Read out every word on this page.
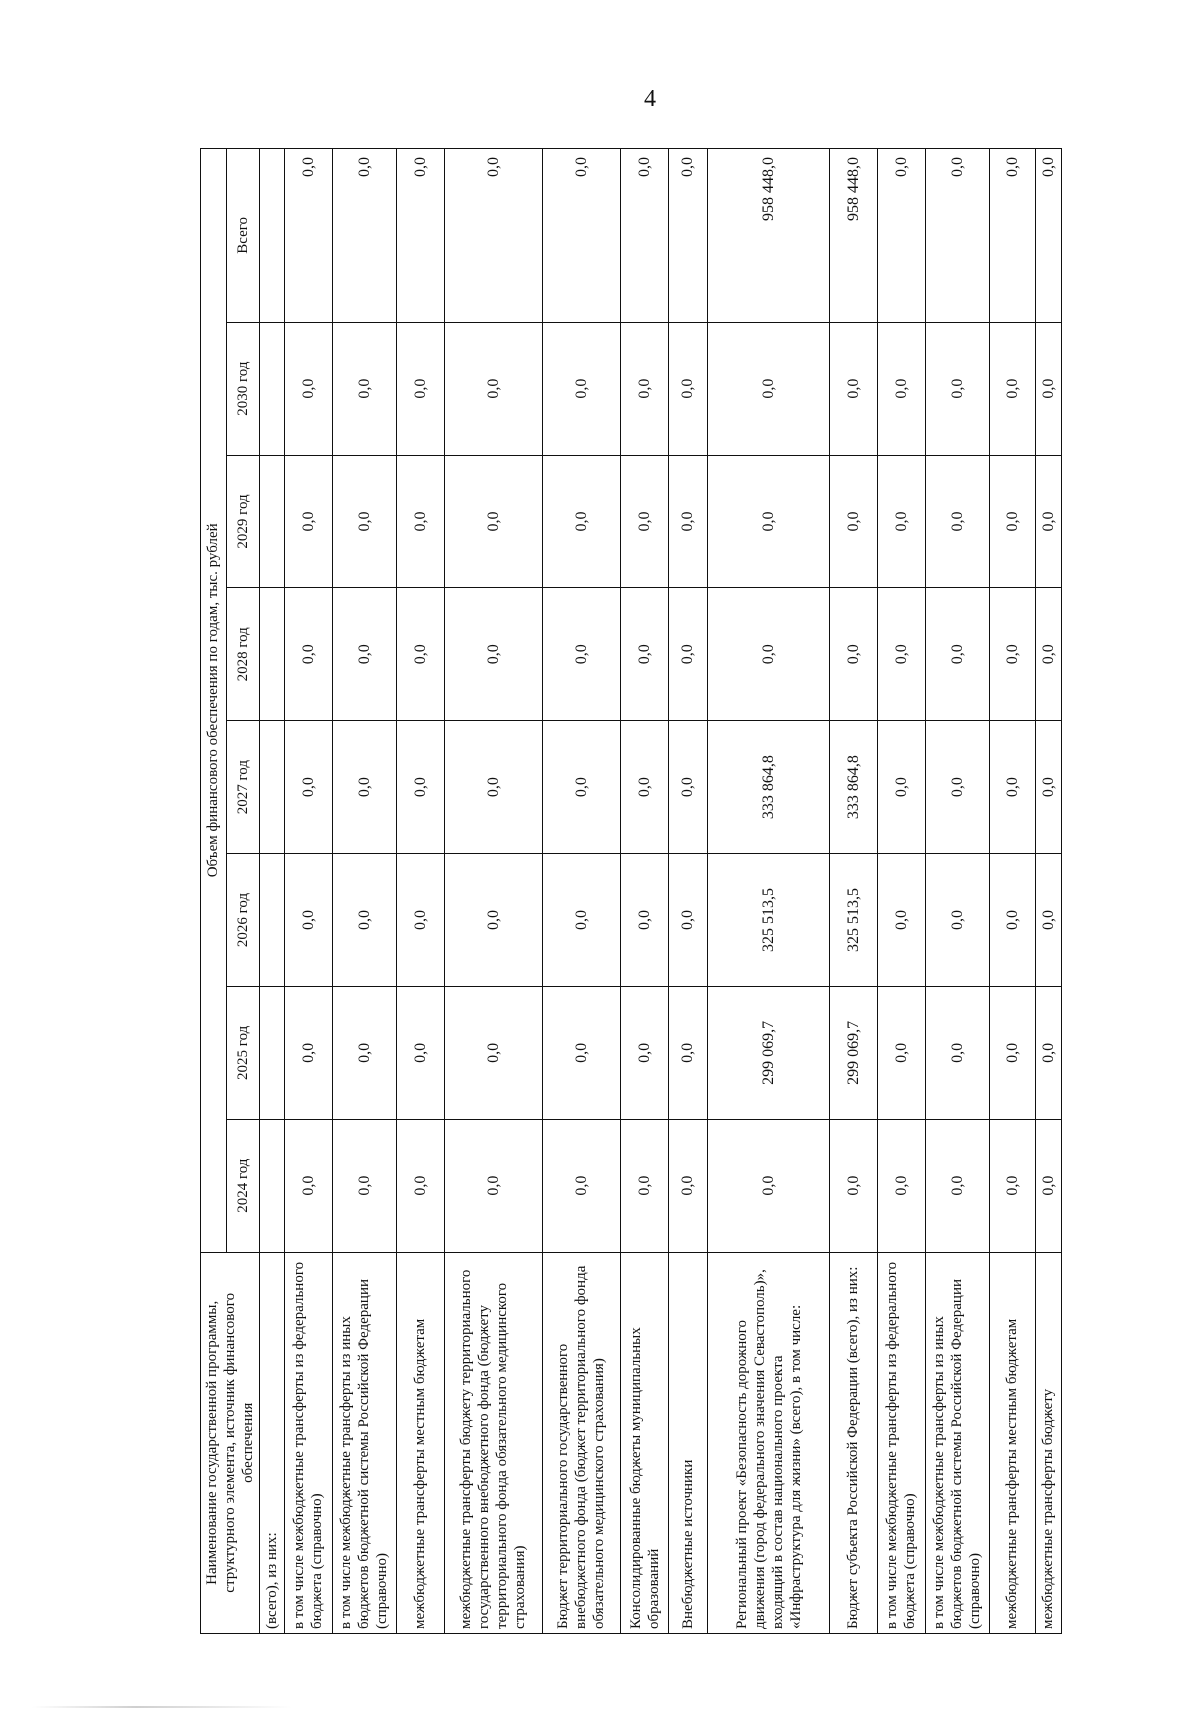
4
Наименование государственной программы, структурного элемента, источник финансового обеспечения	Объем финансового обеспечения по годам, тыс. рублей							
	2024 год	2025 год	2026 год	2027 год	2028 год	2029 год	2030 год	Всего
(всего), из них:								
в том числе межбюджетные трансферты из федерального бюджета (справочно)	0,0	0,0	0,0	0,0	0,0	0,0	0,0	0,0
в том числе межбюджетные трансферты из иных бюджетов бюджетной системы Российской Федерации (справочно)	0,0	0,0	0,0	0,0	0,0	0,0	0,0	0,0
межбюджетные трансферты местным бюджетам	0,0	0,0	0,0	0,0	0,0	0,0	0,0	0,0
межбюджетные трансферты бюджету территориального государственного внебюджетного фонда (бюджету территориального фонда обязательного медицинского страхования)	0,0	0,0	0,0	0,0	0,0	0,0	0,0	0,0
Бюджет территориального государственного внебюджетного фонда (бюджет территориального фонда обязательного медицинского страхования)	0,0	0,0	0,0	0,0	0,0	0,0	0,0	0,0
Консолидированные бюджеты муниципальных образований	0,0	0,0	0,0	0,0	0,0	0,0	0,0	0,0
Внебюджетные источники	0,0	0,0	0,0	0,0	0,0	0,0	0,0	0,0
Региональный проект «Безопасность дорожного движения (город федерального значения Севастополь)», входящий в состав национального проекта «Инфраструктура для жизни» (всего), в том числе:	0,0	299 069,7	325 513,5	333 864,8	0,0	0,0	0,0	958 448,0
Бюджет субъекта Российской Федерации (всего), из них:	0,0	299 069,7	325 513,5	333 864,8	0,0	0,0	0,0	958 448,0
в том числе межбюджетные трансферты из федерального бюджета (справочно)	0,0	0,0	0,0	0,0	0,0	0,0	0,0	0,0
в том числе межбюджетные трансферты из иных бюджетов бюджетной системы Российской Федерации (справочно)	0,0	0,0	0,0	0,0	0,0	0,0	0,0	0,0
межбюджетные трансферты местным бюджетам	0,0	0,0	0,0	0,0	0,0	0,0	0,0	0,0
межбюджетные трансферты бюджету	0,0	0,0	0,0	0,0	0,0	0,0	0,0	0,0
